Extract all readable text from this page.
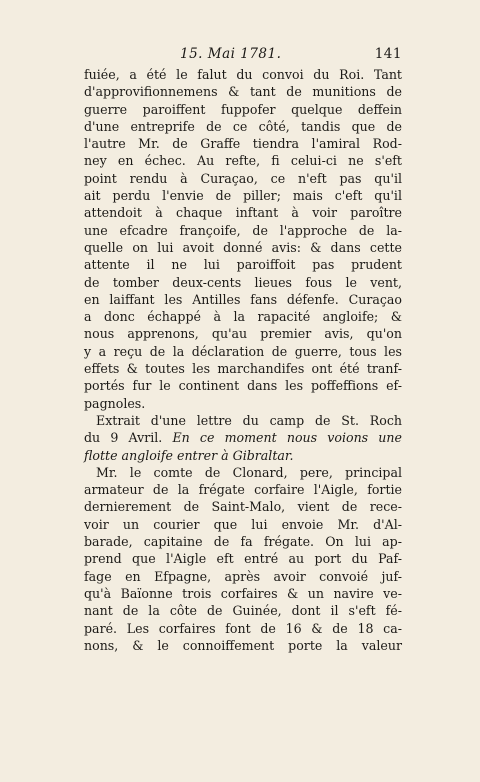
15. Mai 1781.	141
fuiée, a été le falut du convoi du Roi. Tant
d'approvifionnemens & tant de munitions de
guerre paroiffent fuppofer quelque deffein
d'une entreprife de ce côté, tandis que de
l'autre Mr. de Graffe tiendra l'amiral Rod-
ney en échec. Au refte, fi celui-ci ne s'eft
point rendu à Curaçao, ce n'eft pas qu'il
ait perdu l'envie de piller; mais c'eft qu'il
attendoit à chaque inftant à voir paroître
une efcadre françoife, de l'approche de la-
quelle on lui avoit donné avis: & dans cette
attente il ne lui paroiffoit pas prudent
de tomber deux-cents lieues fous le vent,
en laiffant les Antilles fans défenfe. Curaçao
a donc échappé à la rapacité angloife; &
nous apprenons, qu'au premier avis, qu'on
y a reçu de la déclaration de guerre, tous les
effets & toutes les marchandifes ont été tranf-
portés fur le continent dans les poffeffions ef-
pagnoles.
Extrait d'une lettre du camp de St. Roch
du 9 Avril. En ce moment nous voions une
flotte angloife entrer à Gibraltar.
Mr. le comte de Clonard, pere, principal
armateur de la frégate corfaire l'Aigle, fortie
dernierement de Saint-Malo, vient de rece-
voir un courier que lui envoie Mr. d'Al-
barade, capitaine de fa frégate. On lui ap-
prend que l'Aigle eft entré au port du Paf-
fage en Efpagne, après avoir convoié juf-
qu'à Baïonne trois corfaires & un navire ve-
nant de la côte de Guinée, dont il s'eft fé-
paré. Les corfaires font de 16 & de 18 ca-
nons, & le connoiffement porte la valeur
